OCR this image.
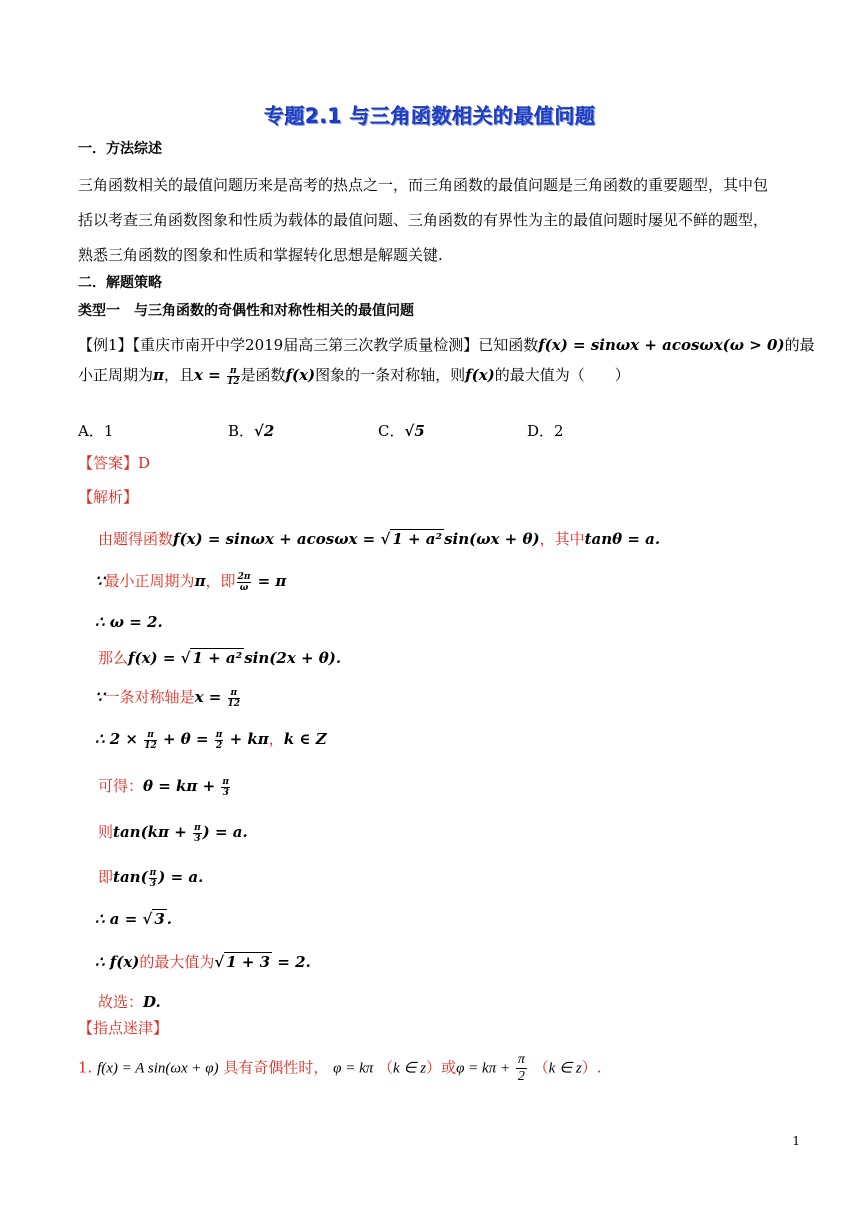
专题2.1 与三角函数相关的最值问题
一．方法综述
三角函数相关的最值问题历来是高考的热点之一，而三角函数的最值问题是三角函数的重要题型，其中包
括以考查三角函数图象和性质为载体的最值问题、三角函数的有界性为主的最值问题时屡见不鲜的题型，
熟悉三角函数的图象和性质和掌握转化思想是解题关键.
二．解题策略
类型一　与三角函数的奇偶性和对称性相关的最值问题
【例1】【重庆市南开中学2019届高三第三次教学质量检测】已知函数f(x) = sinωx + acosωx(ω > 0)的最
小正周期为π，且$x = \frac{\pi}{12}$ 是函数f(x)图象的一条对称轴，则f(x)的最大值为（　　）
A．1	B．√2	C．√5	D．2
【答案】D
【解析】
由题得函数f(x) = sinωx + acosωx = √ 1 + a² sin(ωx + θ)，其中tanθ = a.
∵最小正周期为π，即 $\frac{2\pi}{\omega} = \pi$
∴ ω = 2.
那么f(x) = √ 1 + a² sin(2x + θ).
∵一条对称轴是$x = \frac{\pi}{12}$
∴ $2 \times \frac{\pi}{12} + \theta = \frac{\pi}{2} + k\pi$，k ∈ Z
可得：$\theta = k\pi + \frac{\pi}{3}$
则$\tan(k\pi + \frac{\pi}{3}$ ) = a.
即$\tan( \frac{\pi}{3}$ ) = a.
∴ a = √ 3 .
∴ f(x)的最大值为√ 1 + 3 = 2.
故选：D.
【指点迷津】
1. f(x) = A sin(ωx + φ) 具有奇偶性时， φ = kπ （k ∈ z）或$\varphi = k\pi + \frac{\pi}{2} (k$ ∈ z）.
1
